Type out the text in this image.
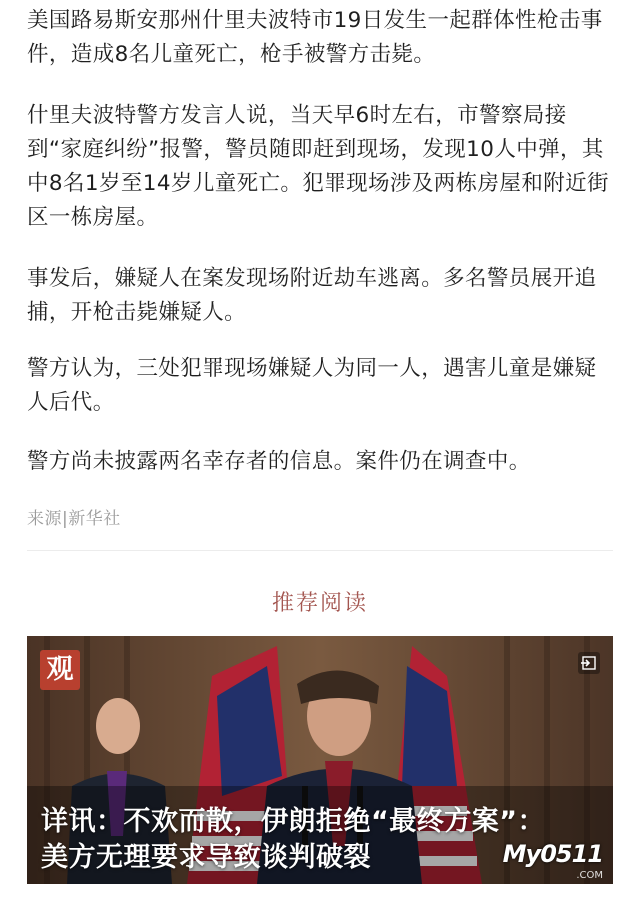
美国路易斯安那州什里夫波特市19日发生一起群体性枪击事件，造成8名儿童死亡，枪手被警方击毙。

什里夫波特警方发言人说，当天早6时左右，市警察局接到“家庭纠纷”报警，警员随即赶到现场，发现10人中弹，其中8名1岁至14岁儿童死亡。犯罪现场涉及两栋房屋和附近街区一栋房屋。

事发后，嫌疑人在案发现场附近劫车逃离。多名警员展开追捕，开枪击毙嫌疑人。

警方认为，三处犯罪现场嫌疑人为同一人，遇害儿童是嫌疑人后代。

警方尚未披露两名幸存者的信息。案件仍在调查中。

来源|新华社
推荐阅读
观
详讯：不欢而散，伊朗拒绝“最终方案”：
美方无理要求导致谈判破裂	My0511
.COM
